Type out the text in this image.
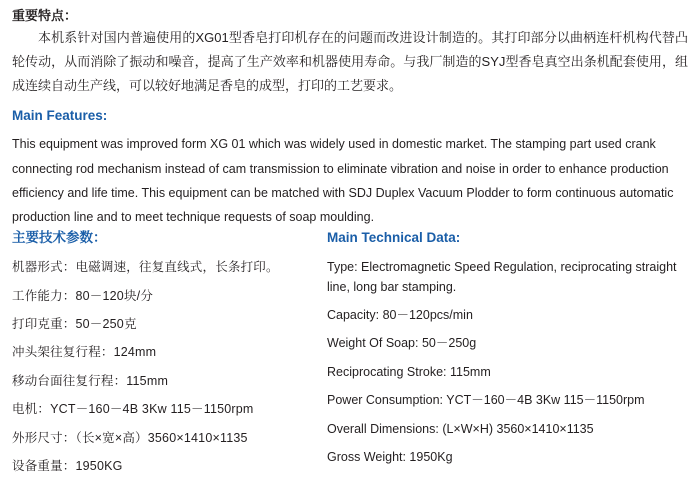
重要特点：

本机系针对国内普遍使用的XG01型香皂打印机存在的问题而改进设计制造的。其打印部分以曲柄连杆机构代替凸轮传动，从而消除了振动和噪音，提高了生产效率和机器使用寿命。与我厂制造的SYJ型香皂真空出条机配套使用，组成连续自动生产线，可以较好地满足香皂的成型，打印的工艺要求。

Main Features:

This equipment was improved form XG 01 which was widely used in domestic market. The stamping part used crank connecting rod mechanism instead of cam transmission to eliminate vibration and noise in order to enhance production efficiency and life time. This equipment can be matched with SDJ Duplex Vacuum Plodder to form continuous automatic production line and to meet technique requests of soap moulding.

主要技术参数：

机器形式：电磁调速，往复直线式，长条打印。
工作能力：80－120块/分
打印克重：50－250克
冲头架往复行程：124mm
移动台面往复行程：115mm
电机：YCT－160－4B 3Kw 115－1150rpm
外形尺寸：（长×宽×高）3560×1410×1135
设备重量：1950KG

Main Technical Data:

Type: Electromagnetic Speed Regulation, reciprocating straight line, long bar stamping.
Capacity: 80－120pcs/min
Weight Of Soap: 50－250g
Reciprocating Stroke: 115mm
Power Consumption: YCT－160－4B 3Kw 115－1150rpm
Overall Dimensions: (L×W×H) 3560×1410×1135
Gross Weight: 1950Kg
